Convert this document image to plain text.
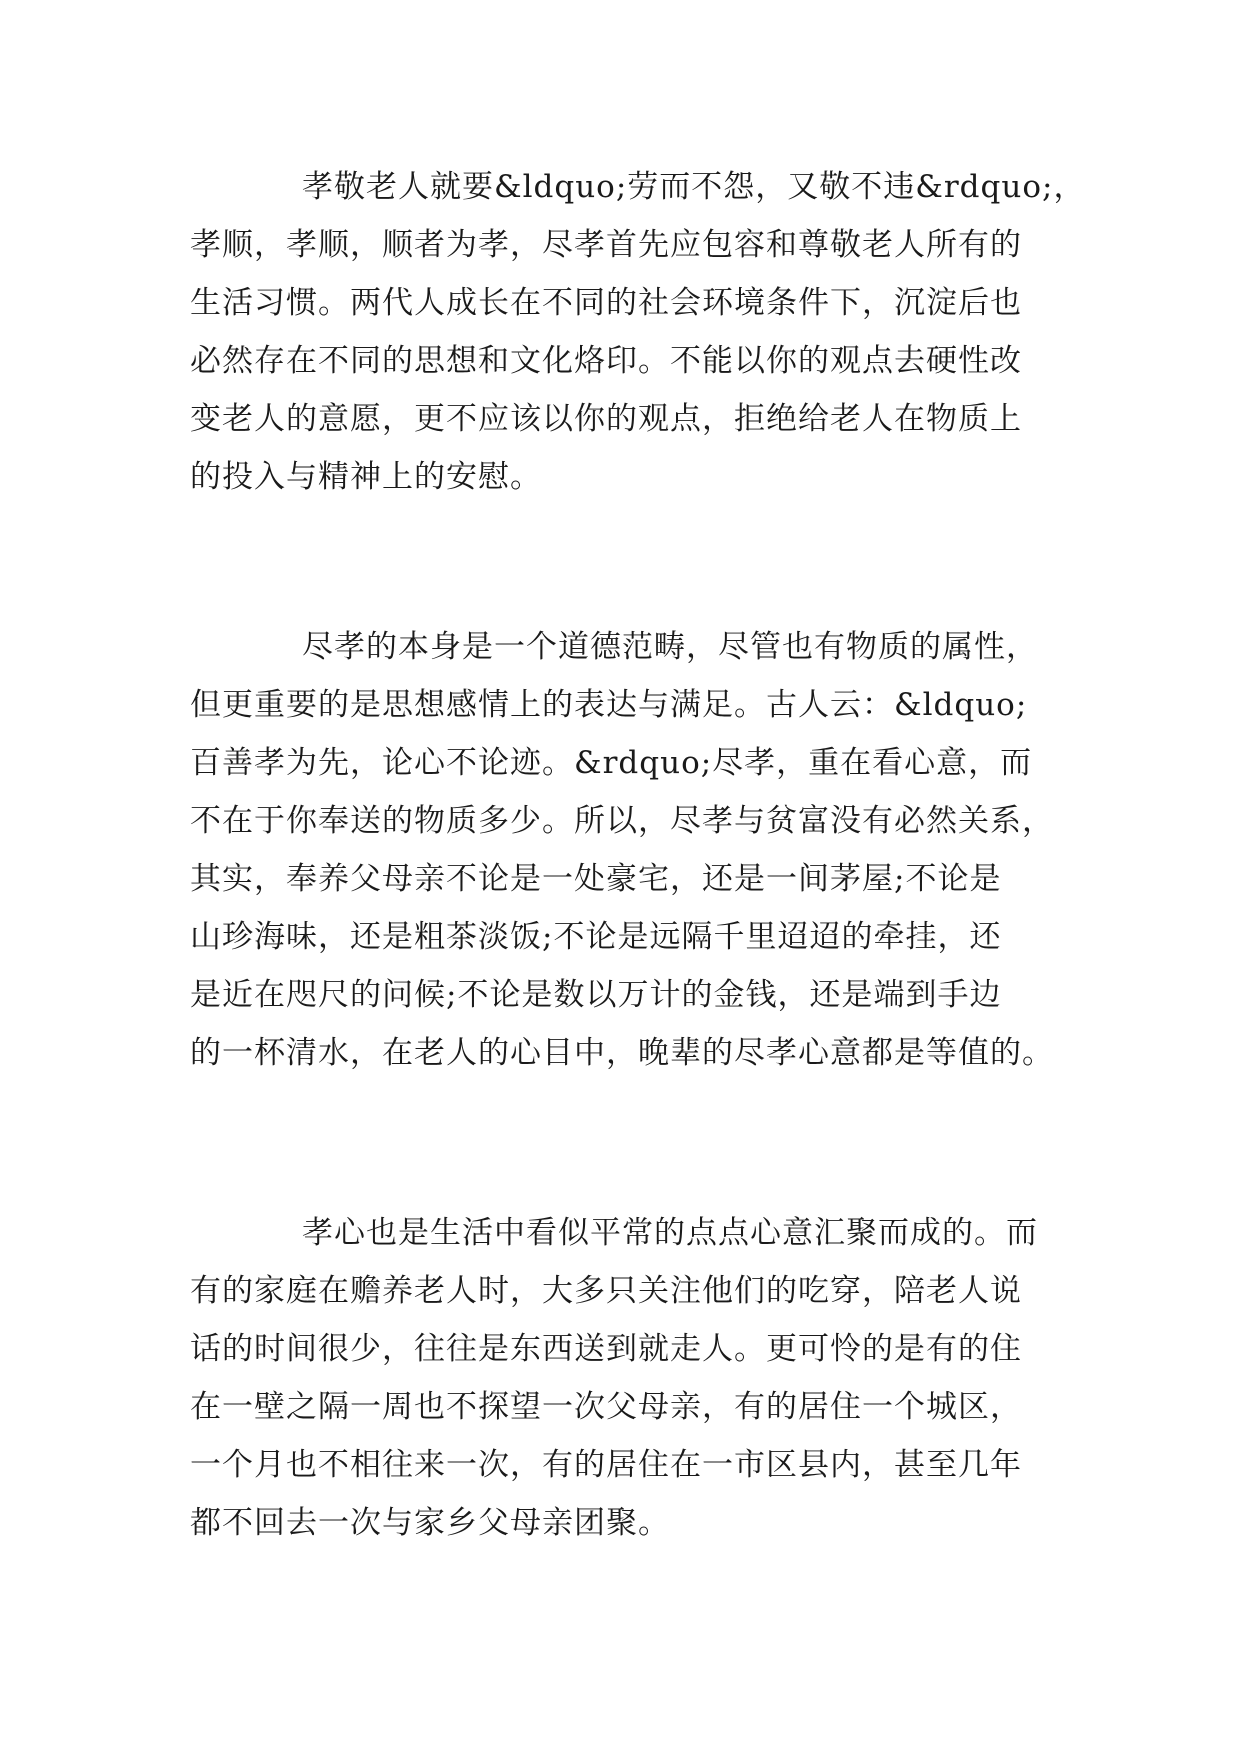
孝敬老人就要&ldquo;劳而不怨，又敬不违&rdquo;，
孝顺，孝顺，顺者为孝，尽孝首先应包容和尊敬老人所有的
生活习惯。两代人成长在不同的社会环境条件下，沉淀后也
必然存在不同的思想和文化烙印。不能以你的观点去硬性改
变老人的意愿，更不应该以你的观点，拒绝给老人在物质上
的投入与精神上的安慰。
尽孝的本身是一个道德范畴，尽管也有物质的属性，
但更重要的是思想感情上的表达与满足。古人云：&ldquo;
百善孝为先，论心不论迹。&rdquo;尽孝，重在看心意，而
不在于你奉送的物质多少。所以，尽孝与贫富没有必然关系，
其实，奉养父母亲不论是一处豪宅，还是一间茅屋;不论是
山珍海味，还是粗茶淡饭;不论是远隔千里迢迢的牵挂，还
是近在咫尺的问候;不论是数以万计的金钱，还是端到手边
的一杯清水，在老人的心目中，晚辈的尽孝心意都是等值的。
孝心也是生活中看似平常的点点心意汇聚而成的。而
有的家庭在赡养老人时，大多只关注他们的吃穿，陪老人说
话的时间很少，往往是东西送到就走人。更可怜的是有的住
在一壁之隔一周也不探望一次父母亲，有的居住一个城区，
一个月也不相往来一次，有的居住在一市区县内，甚至几年
都不回去一次与家乡父母亲团聚。
